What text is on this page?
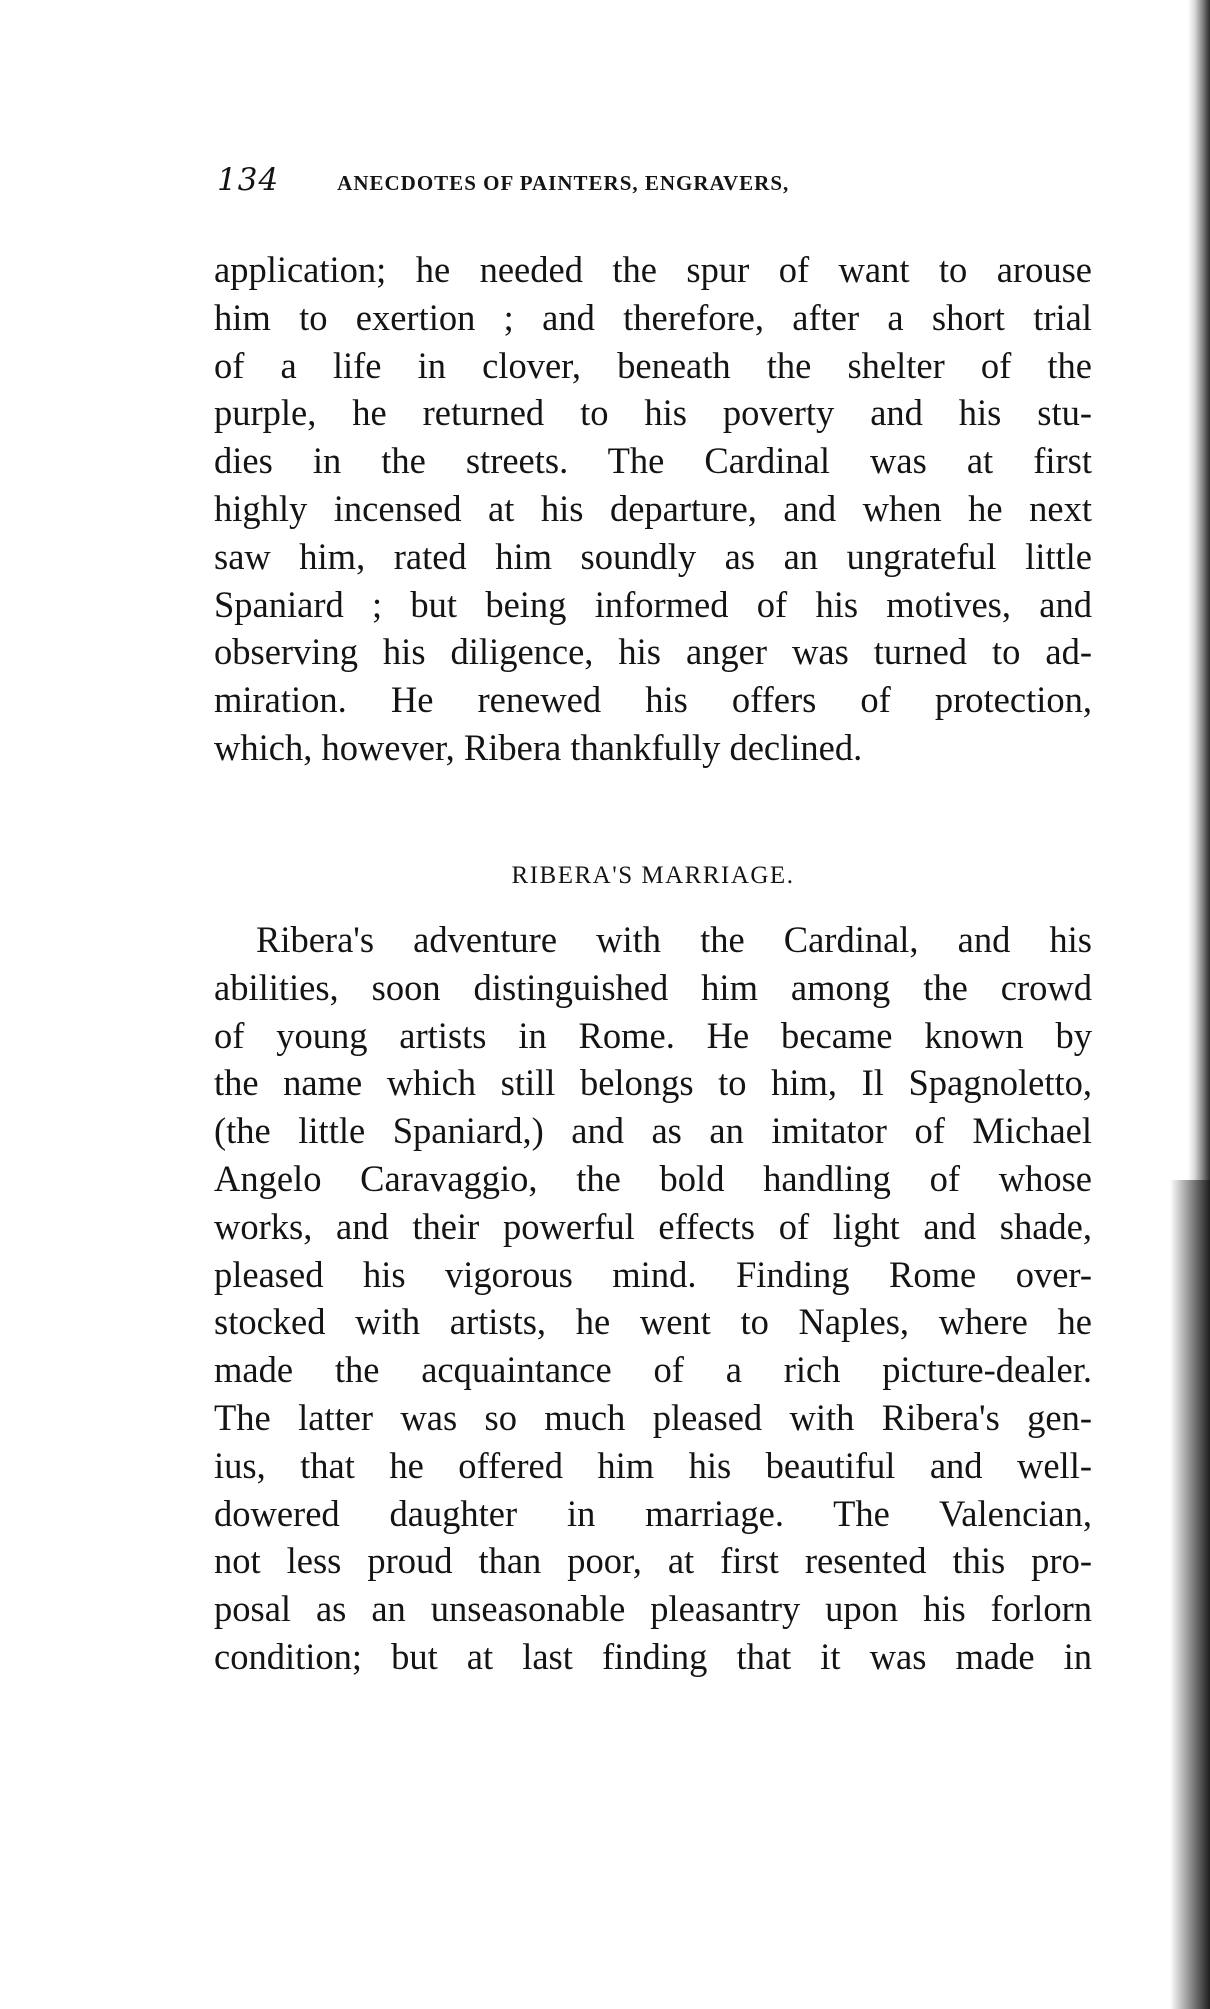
134	ANECDOTES OF PAINTERS, ENGRAVERS,
application; he needed the spur of want to arouse
him to exertion ; and therefore, after a short trial
of a life in clover, beneath the shelter of the
purple, he returned to his poverty and his stu-
dies in the streets. The Cardinal was at first
highly incensed at his departure, and when he next
saw him, rated him soundly as an ungrateful little
Spaniard ; but being informed of his motives, and
observing his diligence, his anger was turned to ad-
miration. He renewed his offers of protection,
which, however, Ribera thankfully declined.
RIBERA'S MARRIAGE.
Ribera's adventure with the Cardinal, and his
abilities, soon distinguished him among the crowd
of young artists in Rome. He became known by
the name which still belongs to him, Il Spagnoletto,
(the little Spaniard,) and as an imitator of Michael
Angelo Caravaggio, the bold handling of whose
works, and their powerful effects of light and shade,
pleased his vigorous mind. Finding Rome over-
stocked with artists, he went to Naples, where he
made the acquaintance of a rich picture-dealer.
The latter was so much pleased with Ribera's gen-
ius, that he offered him his beautiful and well-
dowered daughter in marriage. The Valencian,
not less proud than poor, at first resented this pro-
posal as an unseasonable pleasantry upon his forlorn
condition; but at last finding that it was made in
